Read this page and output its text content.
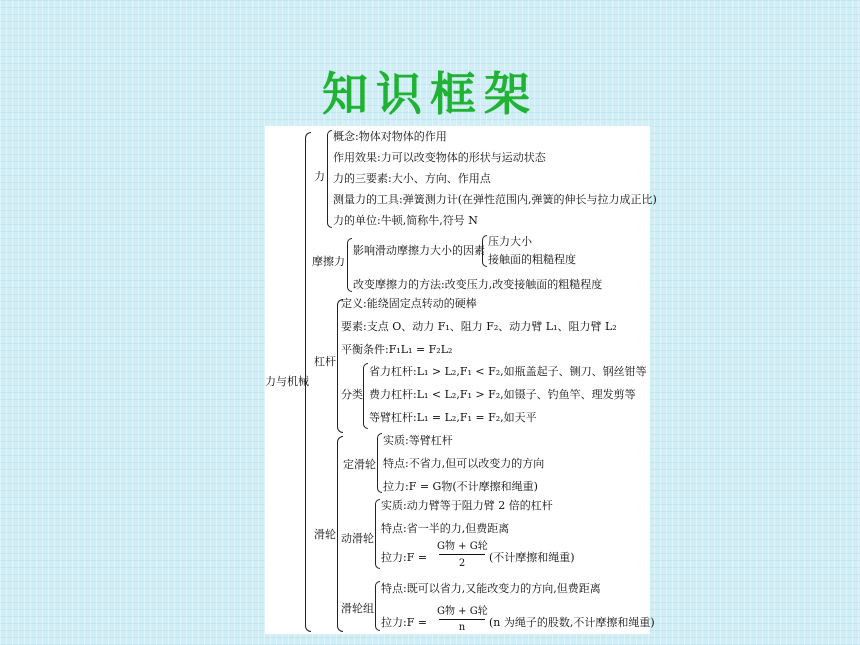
知识框架
力与机械
力
概念:物体对物体的作用
作用效果:力可以改变物体的形状与运动状态
力的三要素:大小、方向、作用点
测量力的工具:弹簧测力计(在弹性范围内,弹簧的伸长与拉力成正比)
力的单位:牛顿,简称牛,符号 N
摩擦力
影响滑动摩擦力大小的因素
压力大小
接触面的粗糙程度
改变摩擦力的方法:改变压力,改变接触面的粗糙程度
杠杆
定义:能绕固定点转动的硬棒
要素:支点 O、动力 F₁、阻力 F₂、动力臂 L₁、阻力臂 L₂
平衡条件:F₁L₁ = F₂L₂
分类
省力杠杆:L₁ > L₂,F₁ < F₂,如瓶盖起子、铡刀、钢丝钳等
费力杠杆:L₁ < L₂,F₁ > F₂,如镊子、钓鱼竿、理发剪等
等臂杠杆:L₁ = L₂,F₁ = F₂,如天平
滑轮
定滑轮
实质:等臂杠杆
特点:不省力,但可以改变力的方向
拉力:F = G物(不计摩擦和绳重)
动滑轮
实质:动力臂等于阻力臂 2 倍的杠杆
特点:省一半的力,但费距离
拉力:F =
G物 + G轮
2	(不计摩擦和绳重)
滑轮组
特点:既可以省力,又能改变力的方向,但费距离
拉力:F =
G物 + G轮
n	(n 为绳子的股数,不计摩擦和绳重)
